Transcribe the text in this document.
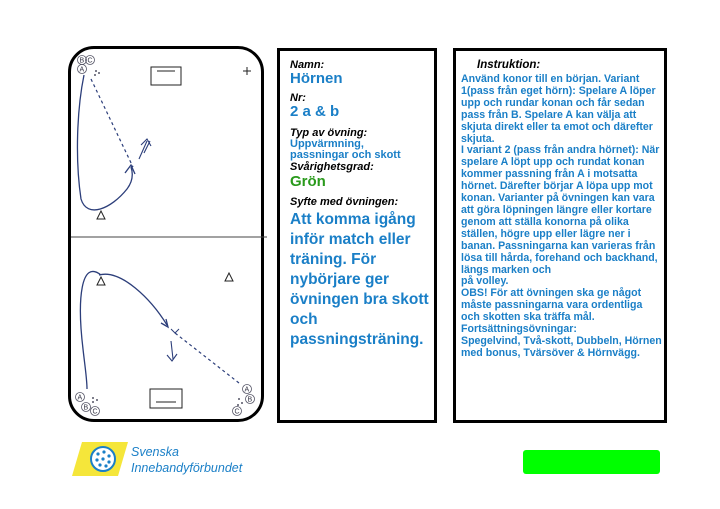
B C
A
A
B
C
A
B
C
Namn:
Hörnen
Nr:
2 a & b
Typ av övning:
Uppvärmning,
passningar och skott
Svårighetsgrad:
Grön
Syfte med övningen:
Att komma igång inför match eller träning. För nybörjare ger övningen bra skott och passningsträning.
Instruktion:
Använd konor till en början. Variant 1(pass från eget hörn): Spelare A löper upp och rundar konan och får sedan pass från B. Spelare A kan välja att skjuta direkt eller ta emot och därefter skjuta.
I variant 2 (pass från andra hörnet): När spelare A löpt upp och rundat konan kommer passning från A i motsatta hörnet. Därefter börjar A löpa upp mot konan. Varianter på övningen kan vara att göra löpningen längre eller kortare genom att ställa konorna på olika ställen, högre upp eller lägre ner i banan. Passningarna kan varieras från lösa till hårda, forehand och backhand, längs marken och
på volley.
OBS! För att övningen ska ge något måste passningarna vara ordentliga och skotten ska träffa mål.
Fortsättningsövningar:
Spegelvind, Två-skott, Dubbeln, Hörnen med bonus, Tvärsöver & Hörnvägg.
Svenska
Innebandyförbundet
